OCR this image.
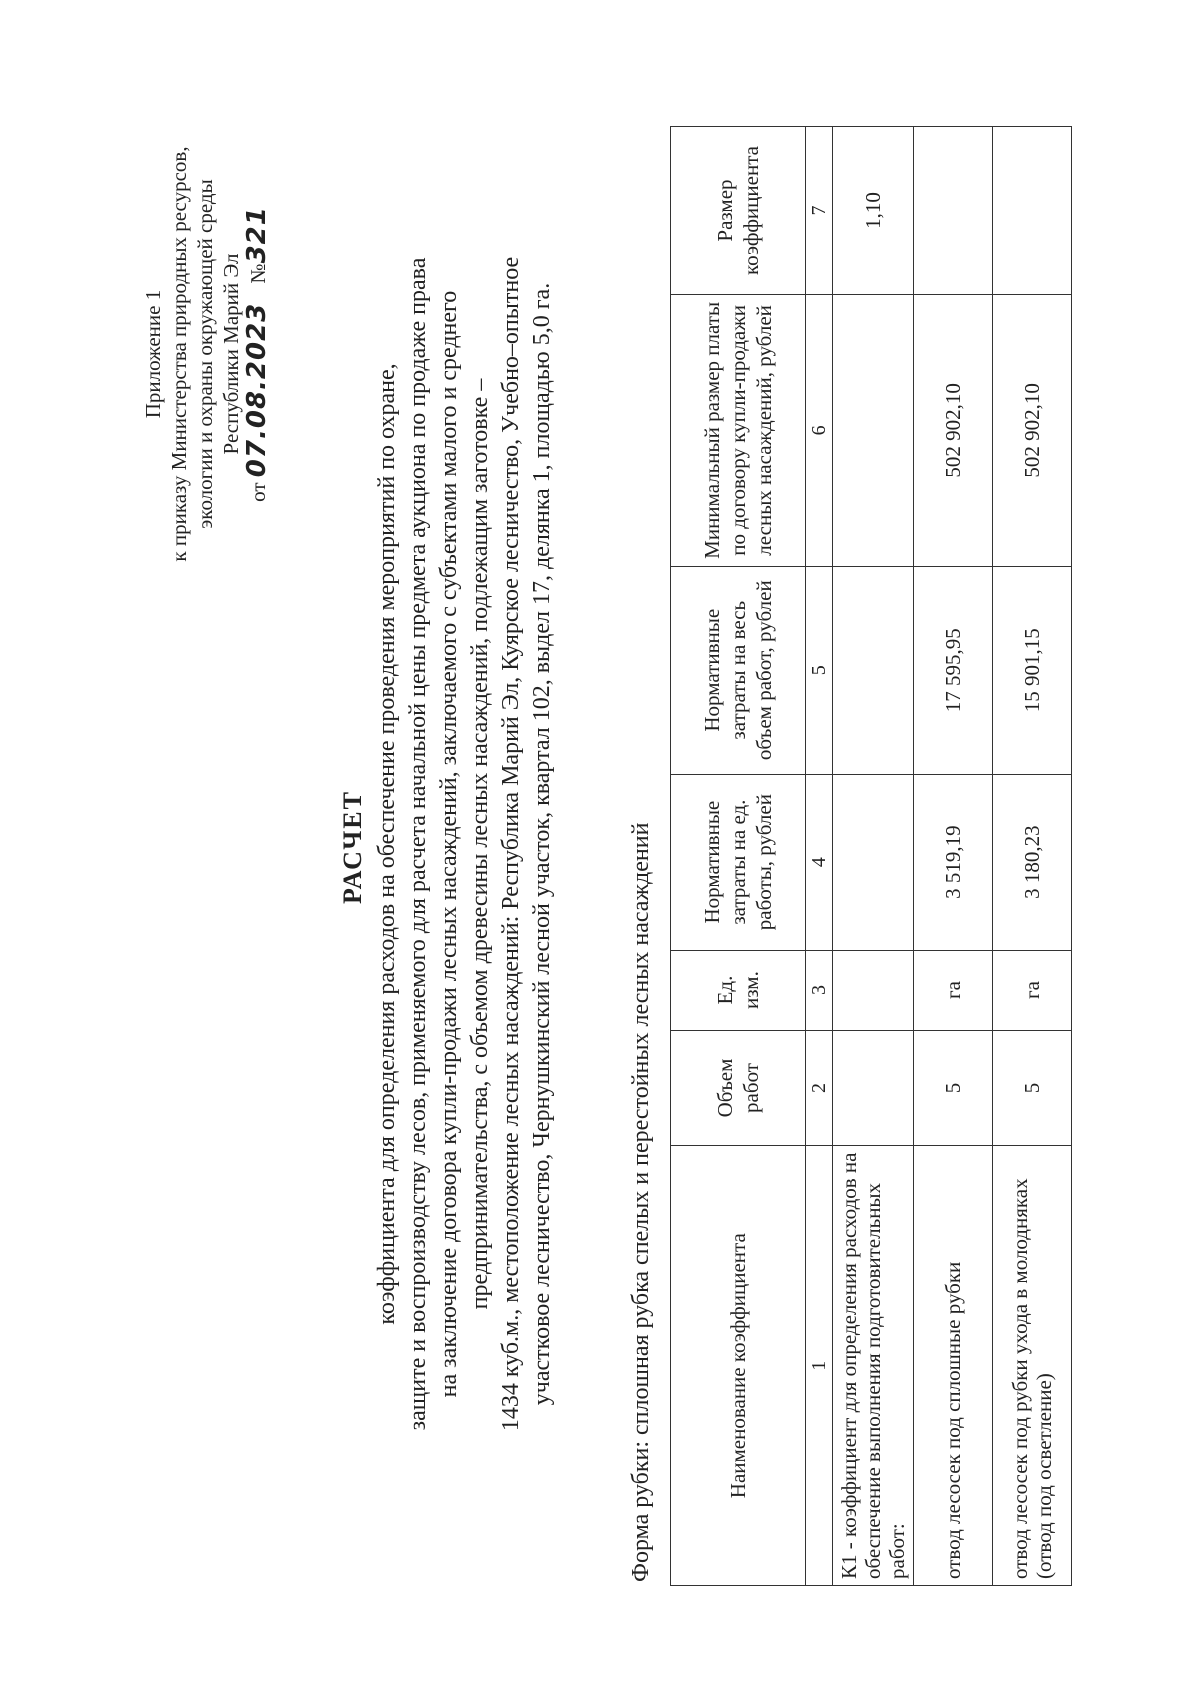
Приложение 1 к приказу Министерства природных ресурсов, экологии и охраны окружающей среды Республики Марий Эл
от 07.08.2023 №321
РАСЧЕТ коэффициента для определения расходов на обеспечение проведения мероприятий по охране, защите и воспроизводству лесов, применяемого для расчета начальной цены предмета аукциона по продаже права на заключение договора купли-продажи лесных насаждений, заключаемого с субъектами малого и среднего предпринимательства, с объемом древесины лесных насаждений, подлежащим заготовке – 1434 куб.м., местоположение лесных насаждений: Республика Марий Эл, Куярское лесничество, Учебно–опытное участковое лесничество, Чернушкинский лесной участок, квартал 102, выдел 17, делянка 1, площадью 5,0 га.	Форма рубки: сплошная рубка спелых и перестойных лесных насаждений	Наименование коэффициента	Объем работ	Ед. изм.	Нормативные затраты на ед. работы, рублей	Нормативные затраты на весь объем работ, рублей	Минимальный размер платы по договору купли-продажи лесных насаждений, рублей	Размер коэффициента
1	2	3	4	5	6	7
К1 - коэффициент для определения расходов на обеспечение выполнения подготовительных работ:						1,10
отвод лесосек под сплошные рубки	5	га	3 519,19	17 595,95	502 902,10	
отвод лесосек под рубки ухода в молодняках (отвод под осветление)	5	га	3 180,23	15 901,15	502 902,10	
